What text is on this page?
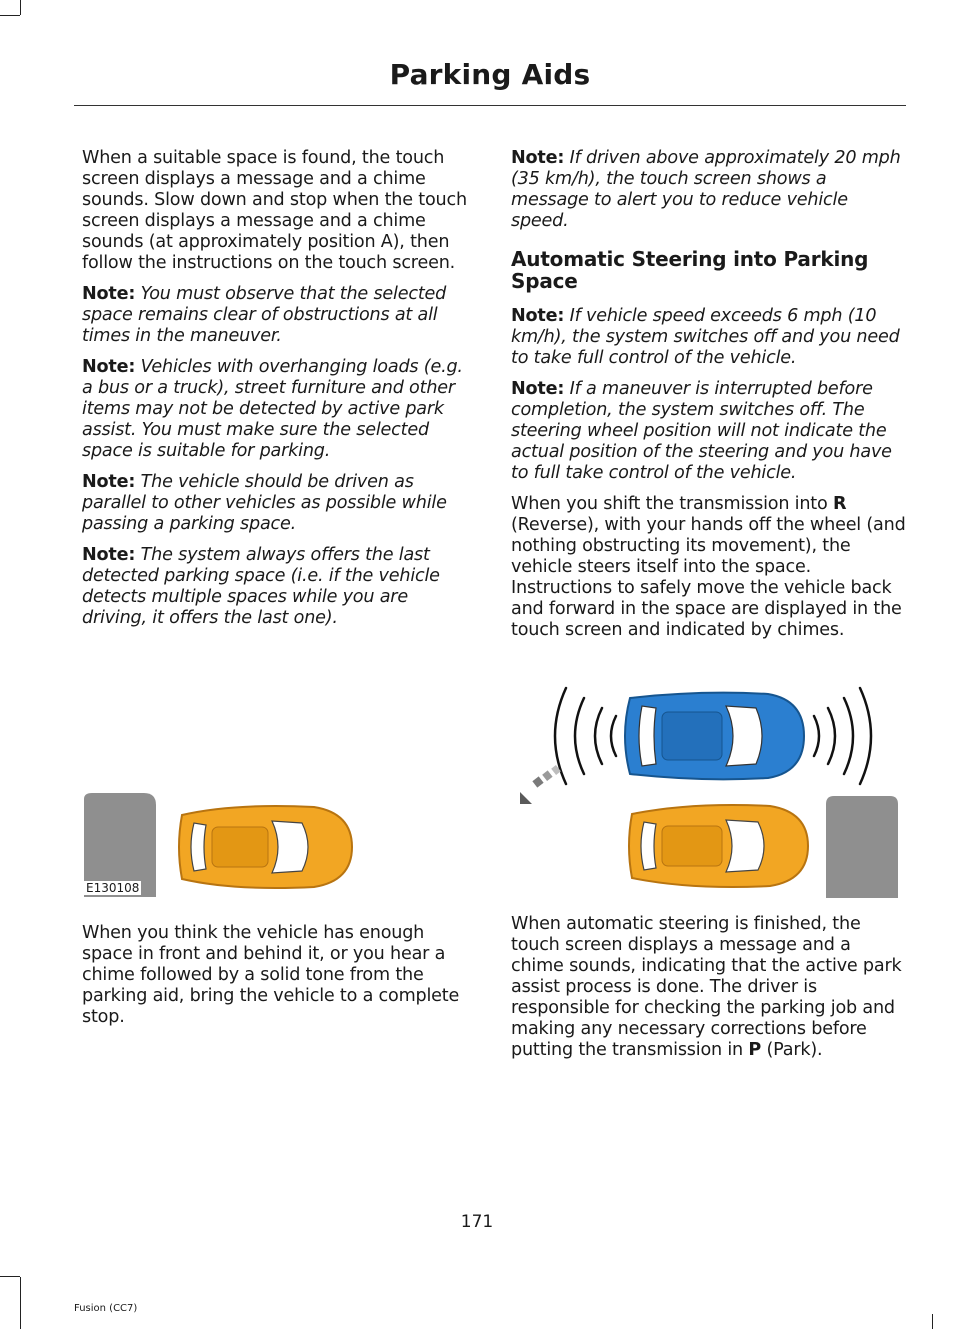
Parking Aids

When a suitable space is found, the touch screen displays a message and a chime sounds. Slow down and stop when the touch screen displays a message and a chime sounds (at approximately position A), then follow the instructions on the touch screen.

Note: You must observe that the selected space remains clear of obstructions at all times in the maneuver.

Note: Vehicles with overhanging loads (e.g. a bus or a truck), street furniture and other items may not be detected by active park assist. You must make sure the selected space is suitable for parking.

Note: The vehicle should be driven as parallel to other vehicles as possible while passing a parking space.

Note: The system always offers the last detected parking space (i.e. if the vehicle detects multiple spaces while you are driving, it offers the last one).

E130108

When you think the vehicle has enough space in front and behind it, or you hear a chime followed by a solid tone from the parking aid, bring the vehicle to a complete stop.

Note: If driven above approximately 20 mph (35 km/h), the touch screen shows a message to alert you to reduce vehicle speed.

Automatic Steering into Parking Space

Note: If vehicle speed exceeds 6 mph (10 km/h), the system switches off and you need to take full control of the vehicle.

Note: If a maneuver is interrupted before completion, the system switches off. The steering wheel position will not indicate the actual position of the steering and you have to full take control of the vehicle.

When you shift the transmission into R (Reverse), with your hands off the wheel (and nothing obstructing its movement), the vehicle steers itself into the space. Instructions to safely move the vehicle back and forward in the space are displayed in the touch screen and indicated by chimes.

When automatic steering is finished, the touch screen displays a message and a chime sounds, indicating that the active park assist process is done. The driver is responsible for checking the parking job and making any necessary corrections before putting the transmission in P (Park).

171
Fusion (CC7)
